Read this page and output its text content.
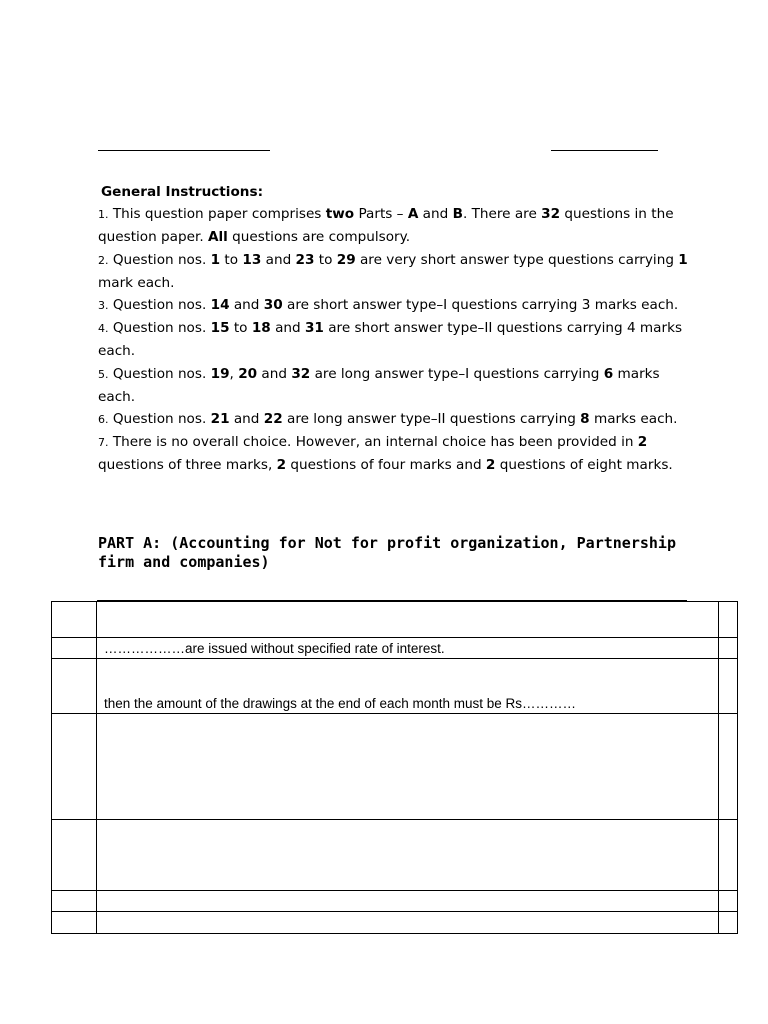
General Instructions:
1. This question paper comprises two Parts – A and B. There are 32 questions in the question paper. All questions are compulsory.
2. Question nos. 1 to 13 and 23 to 29 are very short answer type questions carrying 1 mark each.
3. Question nos. 14 and 30 are short answer type–I questions carrying 3 marks each.
4. Question nos. 15 to 18 and 31 are short answer type–II questions carrying 4 marks each.
5. Question nos. 19, 20 and 32 are long answer type–I questions carrying 6 marks each.
6. Question nos. 21 and 22 are long answer type–II questions carrying 8 marks each.
7. There is no overall choice. However, an internal choice has been provided in 2 questions of three marks, 2 questions of four marks and 2 questions of eight marks.
PART A: (Accounting for Not for profit organization, Partnership firm and companies)

	………………are issued without specified rate of interest.	
	then the amount of the drawings at the end of each month must be Rs…………	
